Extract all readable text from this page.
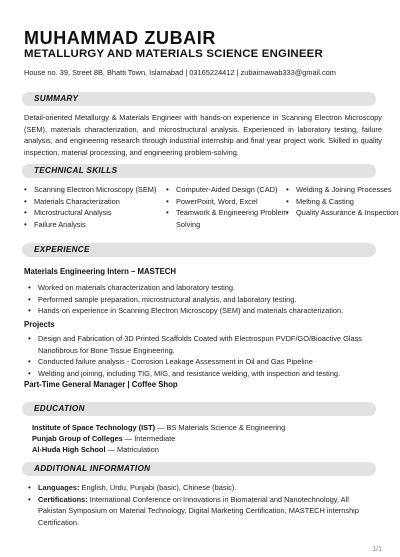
MUHAMMAD ZUBAIR
METALLURGY AND MATERIALS SCIENCE ENGINEER
House no. 39, Street 8B, Bhatti Town, Islamabad | 03165224412 | zubairnawab333@gmail.com
SUMMARY
Detail-oriented Metallurgy & Materials Engineer with hands-on experience in Scanning Electron Microscopy (SEM), materials characterization, and microstructural analysis. Experienced in laboratory testing, failure analysis, and engineering research through industrial internship and final year project work. Skilled in quality inspection, material processing, and engineering problem-solving.
TECHNICAL SKILLS
• Scanning Electron Microscopy (SEM)
• Materials Characterization
• Microstructural Analysis
• Failure Analysis
• Computer-Aided Design (CAD)
• PowerPoint, Word, Excel
• Teamwork & Engineering Problem Solving
• Welding & Joining Processes
• Melting & Casting
• Quality Assurance & Inspection
EXPERIENCE
Materials Engineering Intern – MASTECH
• Worked on materials characterization and laboratory testing.
• Performed sample preparation, microstructural analysis, and laboratory testing.
• Hands-on experience in Scanning Electron Microscopy (SEM) and materials characterization.
Projects
• Design and Fabrication of 3D Printed Scaffolds Coated with Electrospun PVDF/GO/Bioactive Glass Nanofibrous for Bone Tissue Engineering.
• Conducted failure analysis - Corrosion Leakage Assessment in Oil and Gas Pipeline
• Welding and joining, including TIG, MIG, and resistance welding, with inspection and testing.
Part-Time General Manager | Coffee Shop
EDUCATION
Institute of Space Technology (IST) — BS Materials Science & Engineering
Punjab Group of Colleges — Intermediate
Al-Huda High School — Matriculation
ADDITIONAL INFORMATION
• Languages: English, Urdu, Punjabi (basic), Chinese (basic).
• Certifications: International Conference on Innovations in Biomaterial and Nanotechnology, All Pakistan Symposium on Material Technology, Digital Marketing Certification, MASTECH internship Certification.
1/1
